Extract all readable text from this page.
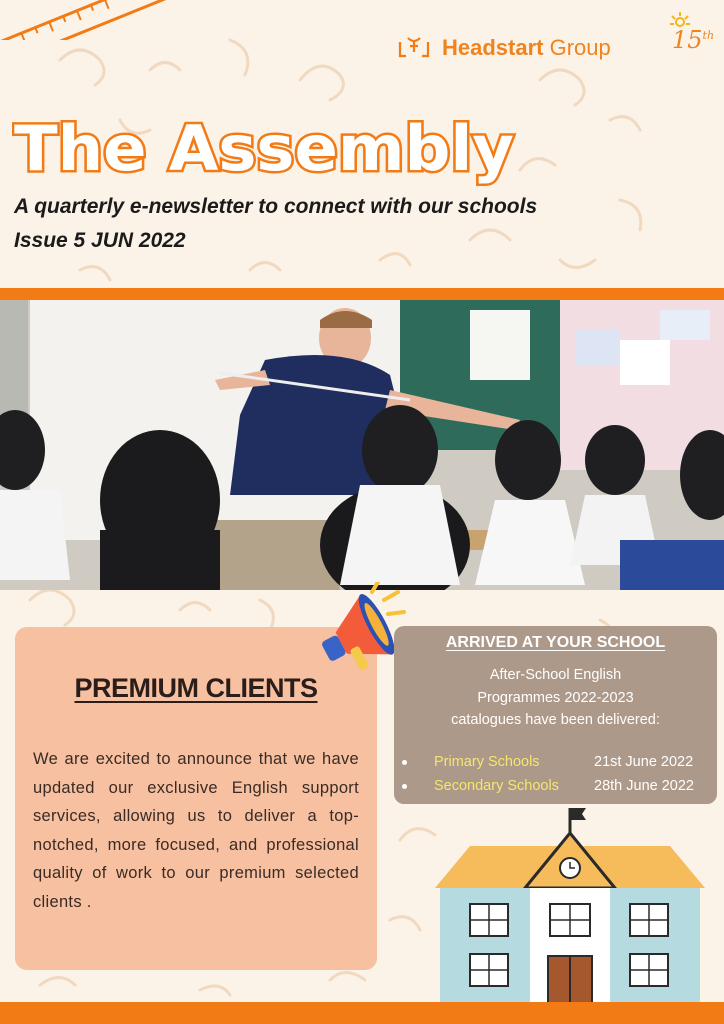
Headstart Group	15th
The Assembly
A quarterly e-newsletter to connect with our schools
Issue 5 JUN 2022
PREMIUM CLIENTS
We are excited to announce that we have updated our exclusive English support services, allowing us to deliver a top-notched, more focused, and professional quality of work to our premium selected clients .
ARRIVED AT YOUR SCHOOL
After-School English
Programmes 2022-2023
catalogues have been delivered:
Primary Schools	21st June 2022
Secondary Schools 28th June 2022
